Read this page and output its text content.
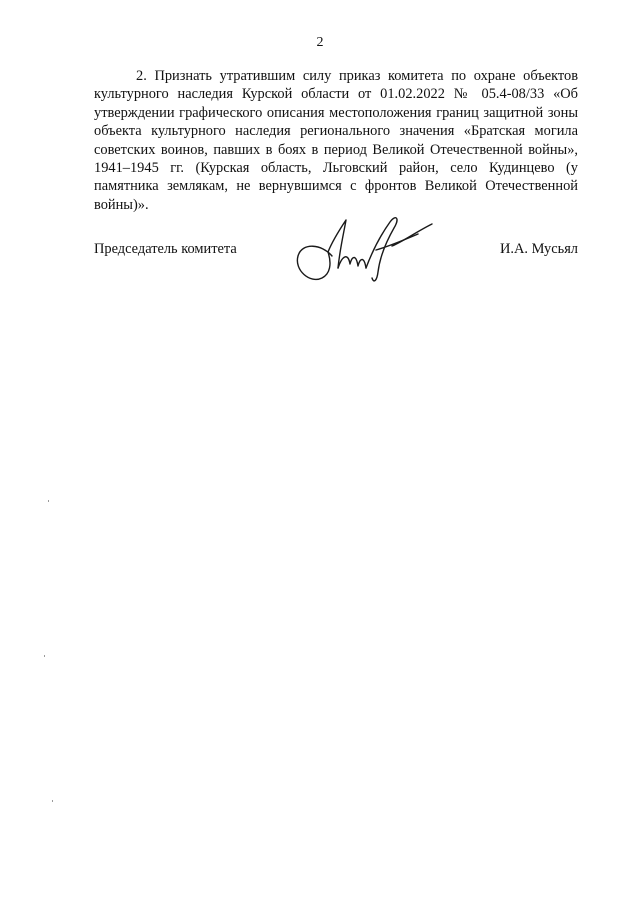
2

2. Признать утратившим силу приказ комитета по охране объектов культурного наследия Курской области от 01.02.2022 № 05.4-08/33 «Об утверждении графического описания местоположения границ защитной зоны объекта культурного наследия регионального значения «Братская могила советских воинов, павших в боях в период Великой Отечественной войны», 1941–1945 гг. (Курская область, Льговский район, село Кудинцево (у памятника землякам, не вернувшимся с фронтов Великой Отечественной войны)».

Председатель комитета	И.А. Мусьял
